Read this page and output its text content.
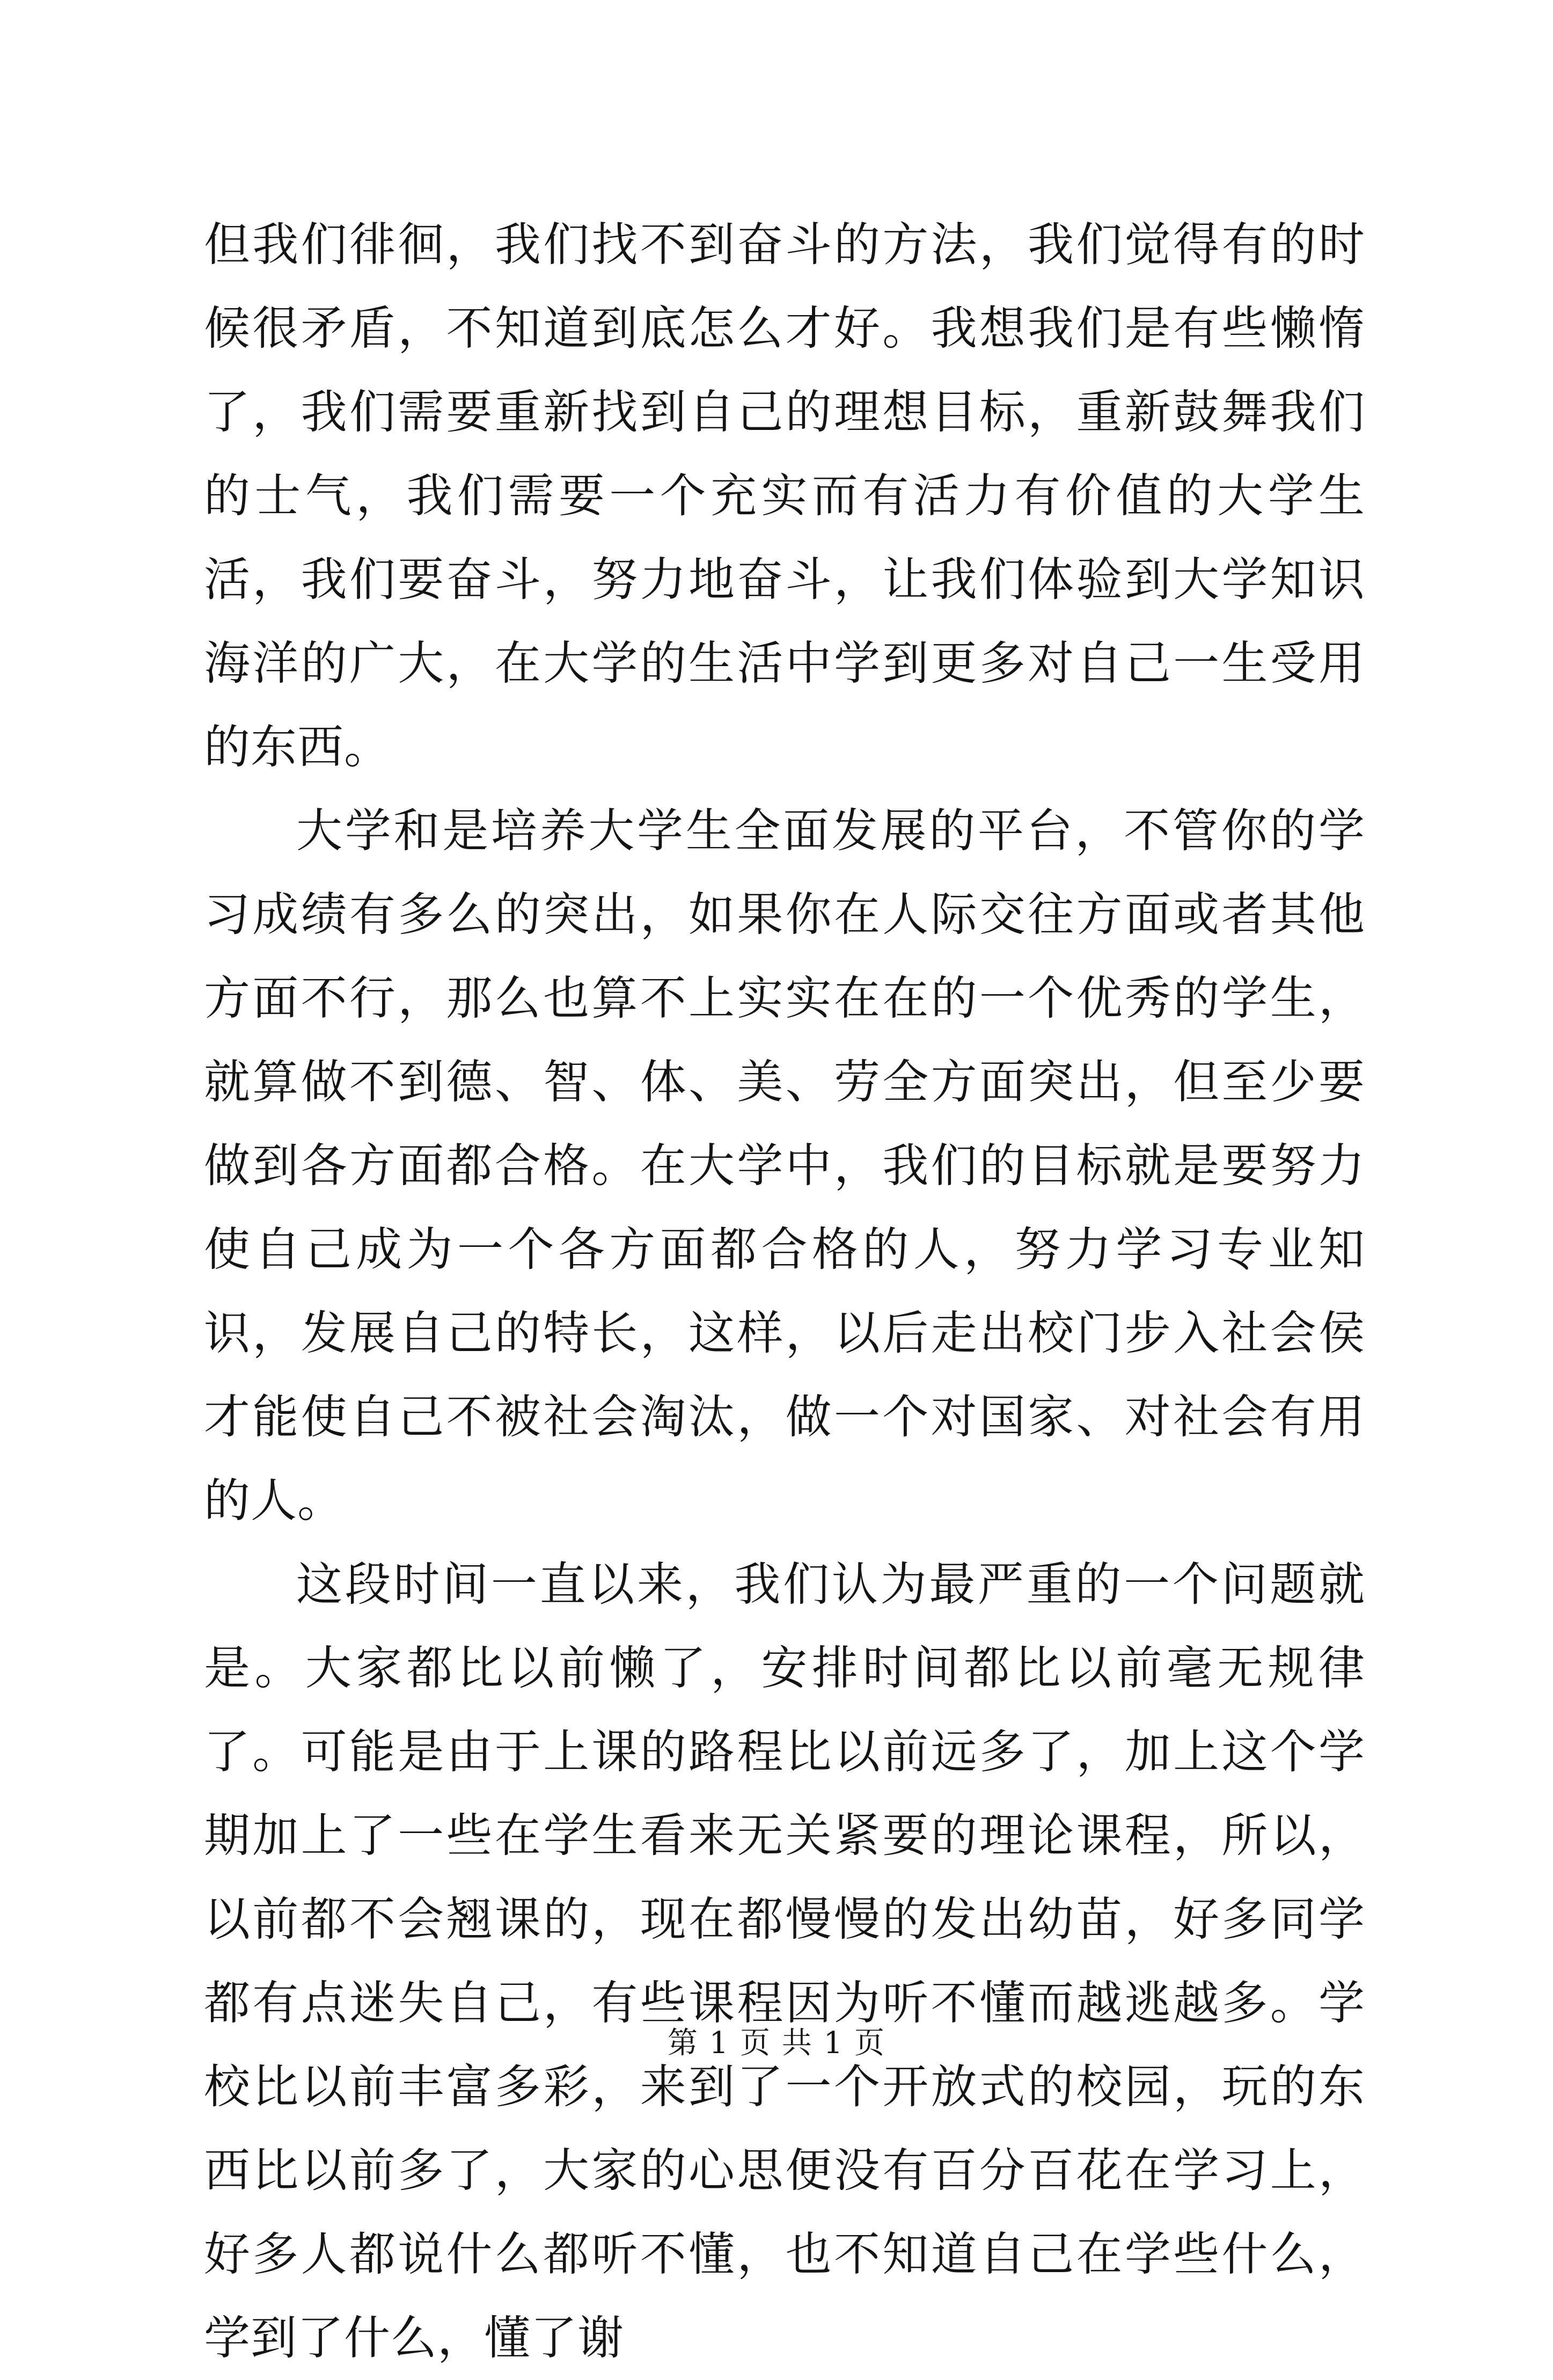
但我们徘徊，我们找不到奋斗的方法，我们觉得有的时候很矛盾，不知道到底怎么才好。我想我们是有些懒惰了，我们需要重新找到自己的理想目标，重新鼓舞我们的士气，我们需要一个充实而有活力有价值的大学生活，我们要奋斗，努力地奋斗，让我们体验到大学知识海洋的广大，在大学的生活中学到更多对自己一生受用的东西。

大学和是培养大学生全面发展的平台，不管你的学习成绩有多么的突出，如果你在人际交往方面或者其他方面不行，那么也算不上实实在在的一个优秀的学生，就算做不到德、智、体、美、劳全方面突出，但至少要做到各方面都合格。在大学中，我们的目标就是要努力使自己成为一个各方面都合格的人，努力学习专业知识，发展自己的特长，这样，以后走出校门步入社会侯才能使自己不被社会淘汰，做一个对国家、对社会有用的人。

这段时间一直以来，我们认为最严重的一个问题就是。大家都比以前懒了，安排时间都比以前毫无规律了。可能是由于上课的路程比以前远多了，加上这个学期加上了一些在学生看来无关紧要的理论课程，所以，以前都不会翘课的，现在都慢慢的发出幼苗，好多同学都有点迷失自己，有些课程因为听不懂而越逃越多。学校比以前丰富多彩，来到了一个开放式的校园，玩的东西比以前多了，大家的心思便没有百分百花在学习上，好多人都说什么都听不懂，也不知道自己在学些什么，学到了什么，懂了谢

第 1 页 共 1 页
